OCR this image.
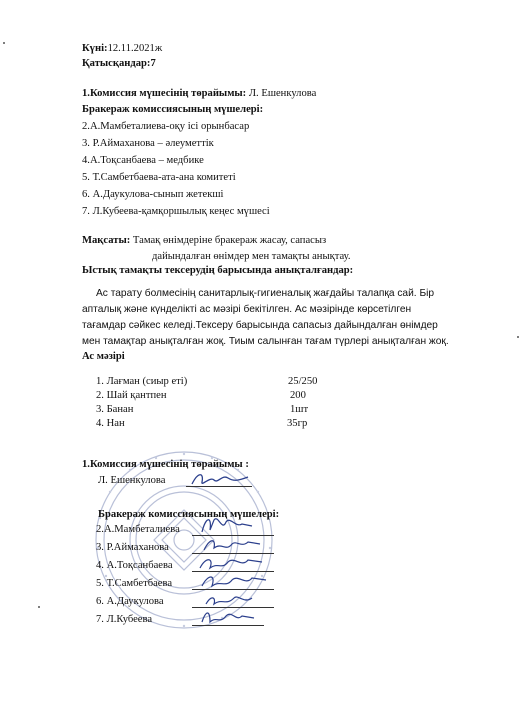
Күні:12.11.2021ж
Қатысқандар:7
1.Комиссия мүшесінің төрайымы: Л. Ешенкулова
Бракераж комиссиясының мүшелері:
2.А.Мамбеталиева-оқу ісі орынбасар
3. Р.Аймаханова – әлеуметтік
4.А.Тоқсанбаева – медбике
5. Т.Самбетбаева-ата-ана комитеті
6. А.Даукулова-сынып жетекші
7. Л.Кубеева-қамқоршылық кеңес мүшесі
Мақсаты: Тамақ өнімдеріне бракераж жасау, сапасыз
дайындалған өнімдер мен тамақты анықтау.
Ыстық тамақты тексерудің барысында анықталғандар:
Ас тарату болмесінің санитарлық-гигиеналық жағдайы талапқа сай. Бір
апталық және күнделікті ас мәзірі бекітілген. Ас мәзірінде көрсетілген
тағамдар сәйкес келеді.Тексеру барысында сапасыз дайындалған өнімдер
мен тамақтар анықталған жоқ. Тиым салынған тағам түрлері анықталған жоқ.
Ас мәзірі
1. Лағман (сиыр еті)	25/250
2. Шай қантпен	200
3. Банан	1шт
4. Нан	35гр
1.Комиссия мүшесінің төрайымы :
Л. Ешенкулова
Бракераж комиссиясының мүшелері:
2.А.Мамбеталиева
3. Р.Аймаханова
4. А.Тоқсанбаева
5. Т.Самбетбаева
6. А.Даукулова
7. Л.Кубеева
